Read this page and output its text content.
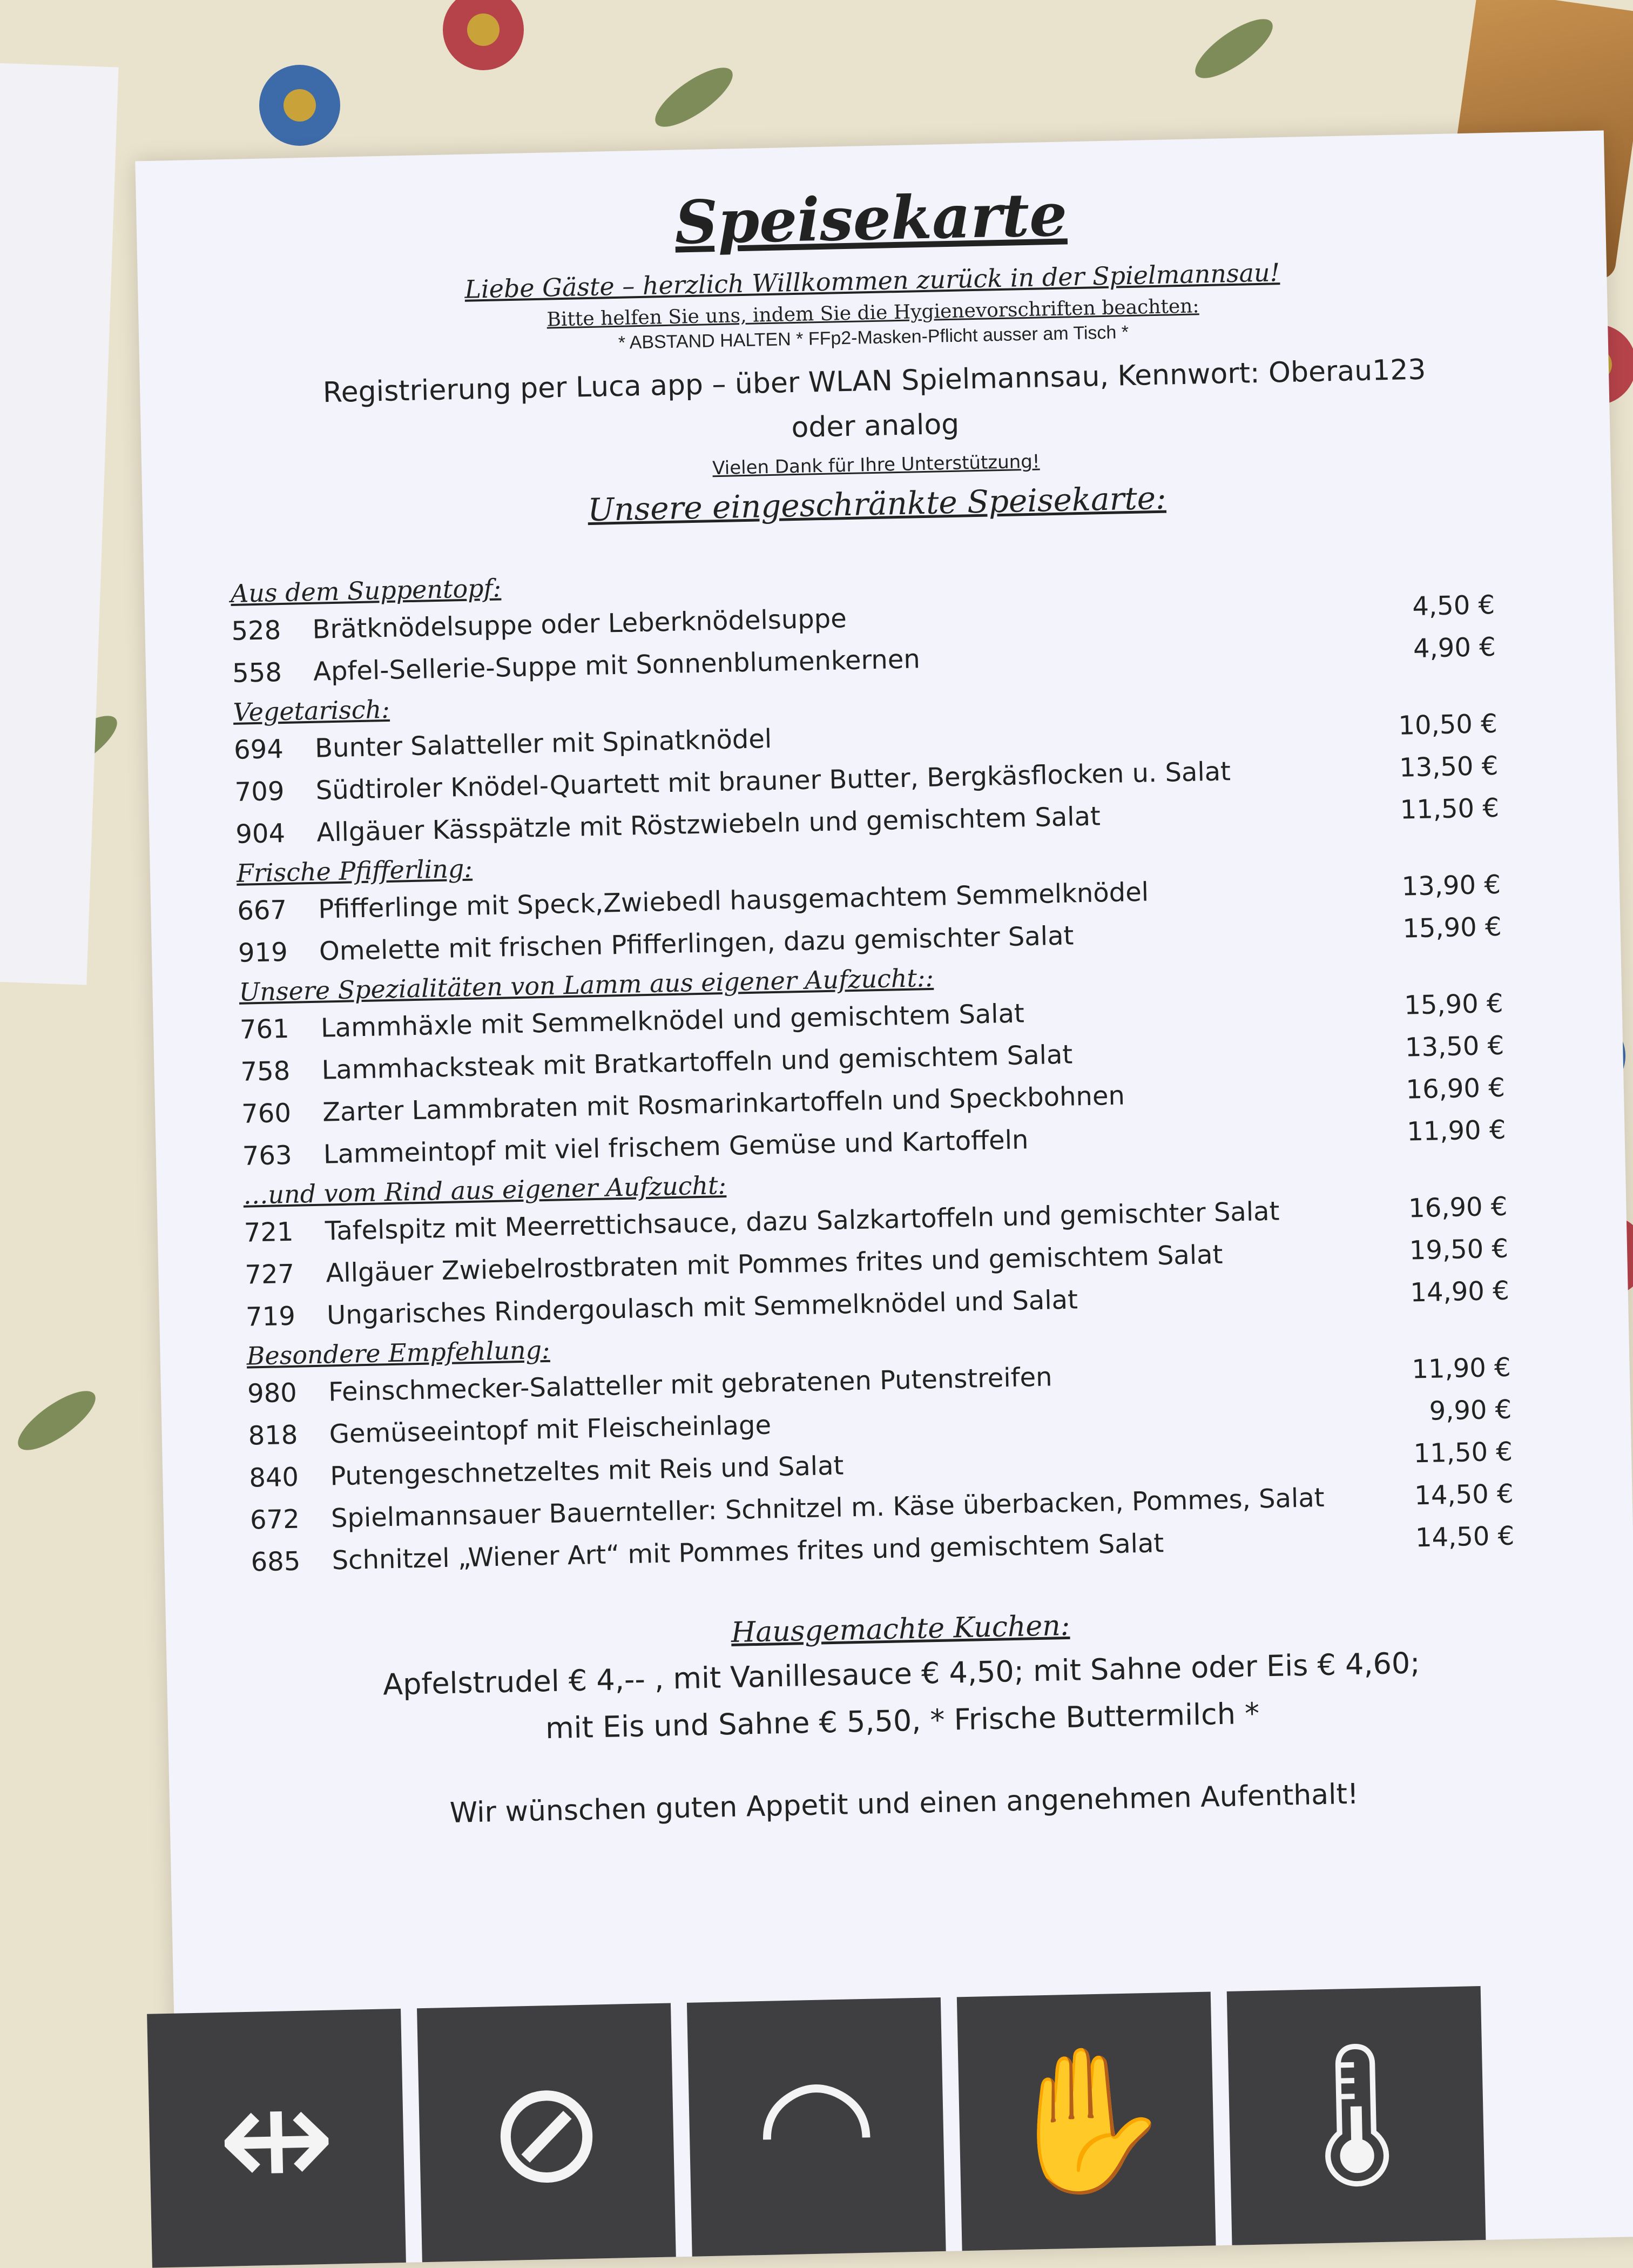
Speisekarte
Liebe Gäste – herzlich Willkommen zurück in der Spielmannsau!
Bitte helfen Sie uns, indem Sie die Hygienevorschriften beachten:
* ABSTAND HALTEN * FFp2-Masken-Pflicht ausser am Tisch *
Registrierung per Luca app – über WLAN Spielmannsau, Kennwort: Oberau123
oder analog
Vielen Dank für Ihre Unterstützung!
Unsere eingeschränkte Speisekarte:
Aus dem Suppentopf:
528	Brätknödelsuppe oder Leberknödelsuppe	4,50 €
558	Apfel-Sellerie-Suppe mit Sonnenblumenkernen	4,90 €
Vegetarisch:
694	Bunter Salatteller mit Spinatknödel	10,50 €
709	Südtiroler Knödel-Quartett mit brauner Butter, Bergkäsflocken u. Salat	13,50 €
904	Allgäuer Kässpätzle mit Röstzwiebeln und gemischtem Salat	11,50 €
Frische Pfifferling:
667	Pfifferlinge mit Speck,Zwiebedl hausgemachtem Semmelknödel	13,90 €
919	Omelette mit frischen Pfifferlingen, dazu gemischter Salat	15,90 €
Unsere Spezialitäten von Lamm aus eigener Aufzucht::
761	Lammhäxle mit Semmelknödel und gemischtem Salat	15,90 €
758	Lammhacksteak mit Bratkartoffeln und gemischtem Salat	13,50 €
760	Zarter Lammbraten mit Rosmarinkartoffeln und Speckbohnen	16,90 €
763	Lammeintopf mit viel frischem Gemüse und Kartoffeln	11,90 €
…und vom Rind aus eigener Aufzucht:
721	Tafelspitz mit Meerrettichsauce, dazu Salzkartoffeln und gemischter Salat	16,90 €
727	Allgäuer Zwiebelrostbraten mit Pommes frites und gemischtem Salat	19,50 €
719	Ungarisches Rindergoulasch mit Semmelknödel und Salat	14,90 €
Besondere Empfehlung:
980	Feinschmecker-Salatteller mit gebratenen Putenstreifen	11,90 €
818	Gemüseeintopf mit Fleischeinlage	9,90 €
840	Putengeschnetzeltes mit Reis und Salat	11,50 €
672	Spielmannsauer Bauernteller: Schnitzel m. Käse überbacken, Pommes, Salat	14,50 €
685	Schnitzel „Wiener Art“ mit Pommes frites und gemischtem Salat	14,50 €
Hausgemachte Kuchen:
Apfelstrudel € 4,-- , mit Vanillesauce € 4,50; mit Sahne oder Eis € 4,60;
mit Eis und Sahne € 5,50, * Frische Buttermilch *
Wir wünschen guten Appetit und einen angenehmen Aufenthalt!
⇹	⊘	◠ ✋ 🌡
